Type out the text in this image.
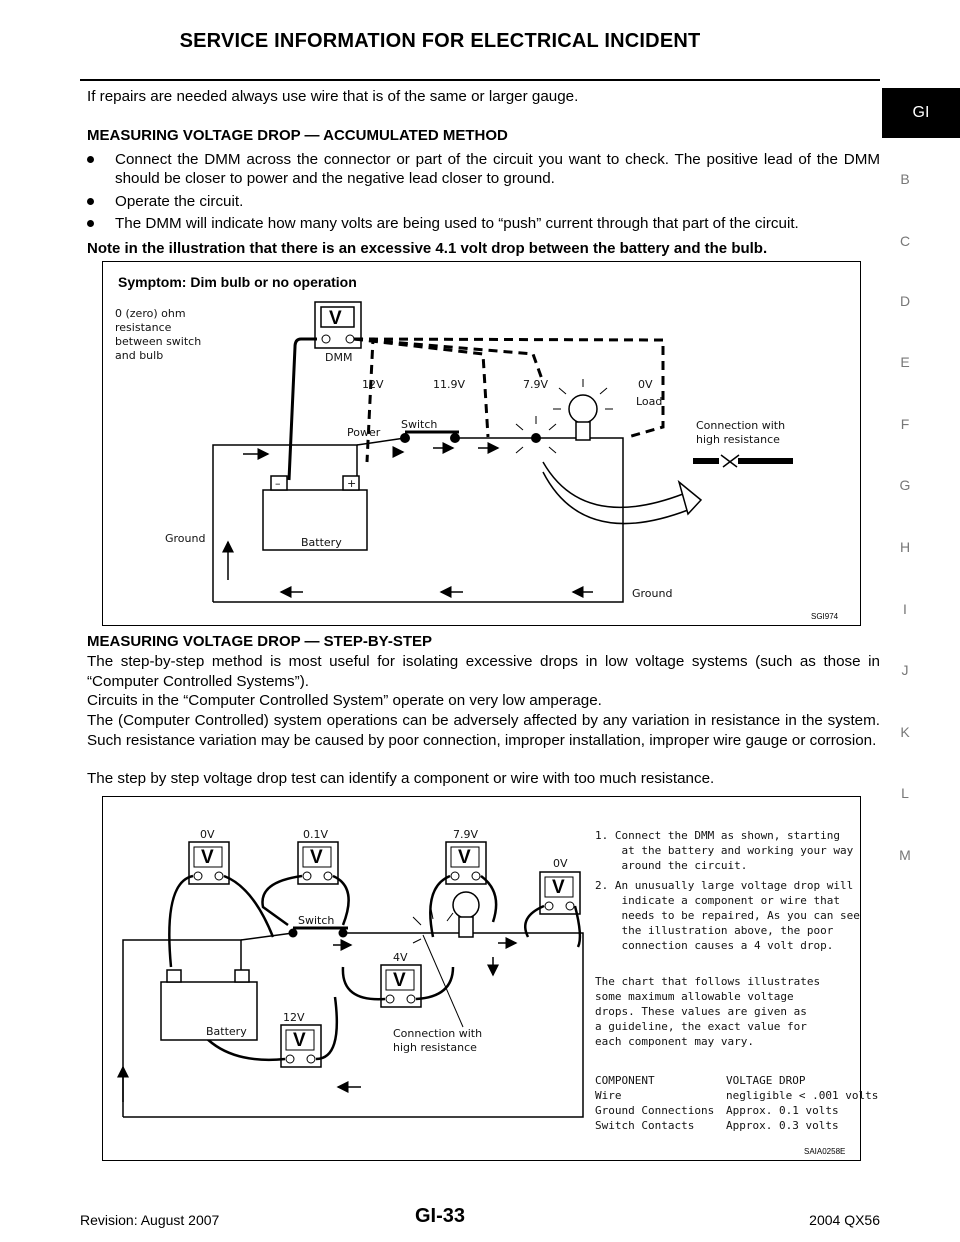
SERVICE INFORMATION FOR ELECTRICAL INCIDENT
GI
B
C
D
E
F
G
H
I
J
K
L
M
If repairs are needed always use wire that is of the same or larger gauge.
MEASURING VOLTAGE DROP — ACCUMULATED METHOD
Connect the DMM across the connector or part of the circuit you want to check. The positive lead of the DMM should be closer to power and the negative lead closer to ground.
Operate the circuit.
The DMM will indicate how many volts are being used to “push” current through that part of the circuit.
Note in the illustration that there is an excessive 4.1 volt drop between the battery and the bulb.
Symptom: Dim bulb or no operation
0 (zero) ohm
resistance
between switch
and bulb
V
DMM
12V	11.9V	7.9V	0V
Load
Switch
Power
Connection with
high resistance
–	+
Battery
Ground
Ground
SGI974
MEASURING VOLTAGE DROP — STEP-BY-STEP
The step-by-step method is most useful for isolating excessive drops in low voltage systems (such as those in “Computer Controlled Systems”).
Circuits in the “Computer Controlled System” operate on very low amperage.
The (Computer Controlled) system operations can be adversely affected by any variation in resistance in the system. Such resistance variation may be caused by poor connection, improper installation, improper wire gauge or corrosion.
The step by step voltage drop test can identify a component or wire with too much resistance.
0V	0.1V	7.9V
0V
4V
12V
V	V	V
V
V
V
Switch
Connection with
high resistance
Battery
1. Connect the DMM as shown, starting
at the battery and working your way
around the circuit.
2. An unusually large voltage drop will
indicate a component or wire that
needs to be repaired, As you can see
the illustration above, the poor
connection causes a 4 volt drop.
The chart that follows illustrates
some maximum allowable voltage
drops. These values are given as
a guideline, the exact value for
each component may vary.
COMPONENT	VOLTAGE DROP
Wire	negligible < .001 volts
Ground Connections Approx. 0.1 volts
Switch Contacts	Approx. 0.3 volts
SAIA0258E
Revision: August 2007	GI-33	2004 QX56
